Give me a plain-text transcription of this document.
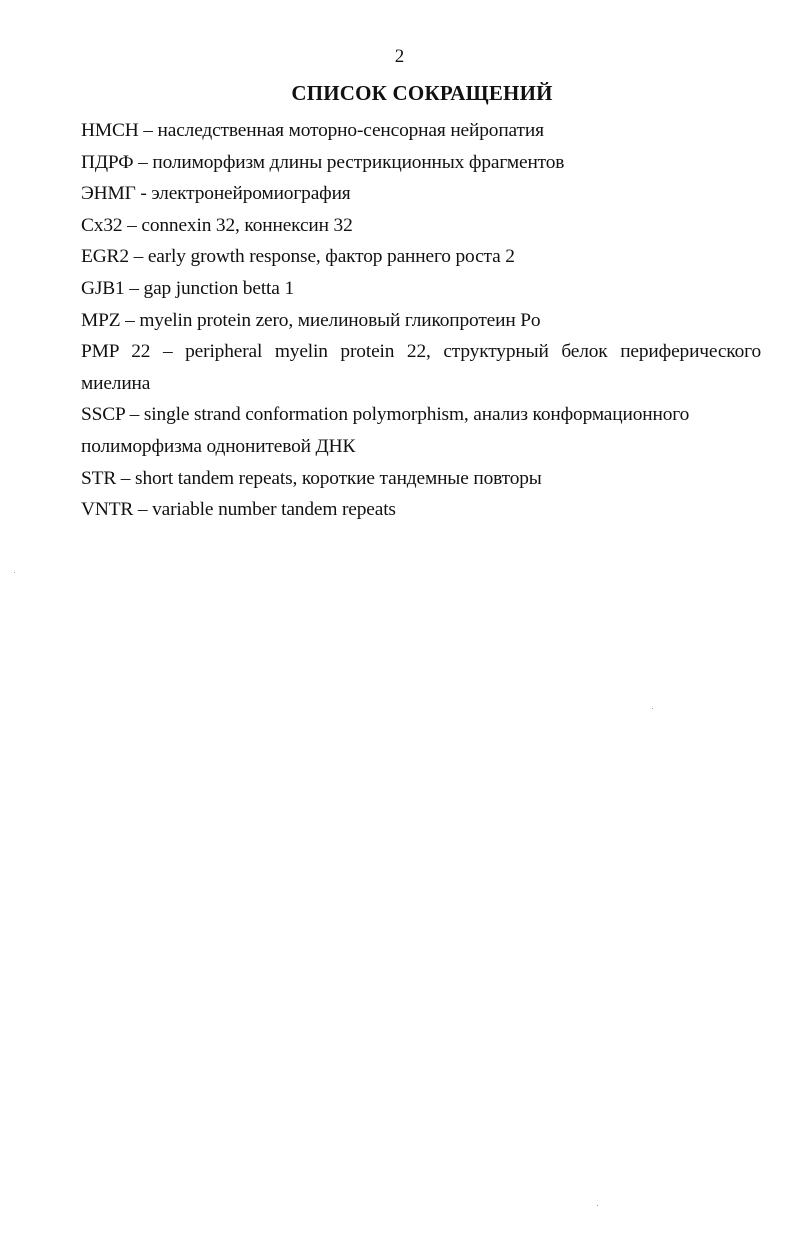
2
СПИСОК СОКРАЩЕНИЙ
НМСН – наследственная моторно-сенсорная нейропатия
ПДРФ – полиморфизм длины рестрикционных фрагментов
ЭНМГ - электронейромиография
Cx32 – connexin 32, коннексин 32
EGR2 – early growth response, фактор раннего роста 2
GJB1 – gap junction betta 1
MPZ – myelin protein zero, миелиновый гликопротеин Po
PMP 22 – peripheral myelin protein 22, структурный белок периферического
миелина
SSCP – single strand conformation polymorphism, анализ конформационного
полиморфизма однонитевой ДНК
STR – short tandem repeats, короткие тандемные повторы
VNTR – variable number tandem repeats
